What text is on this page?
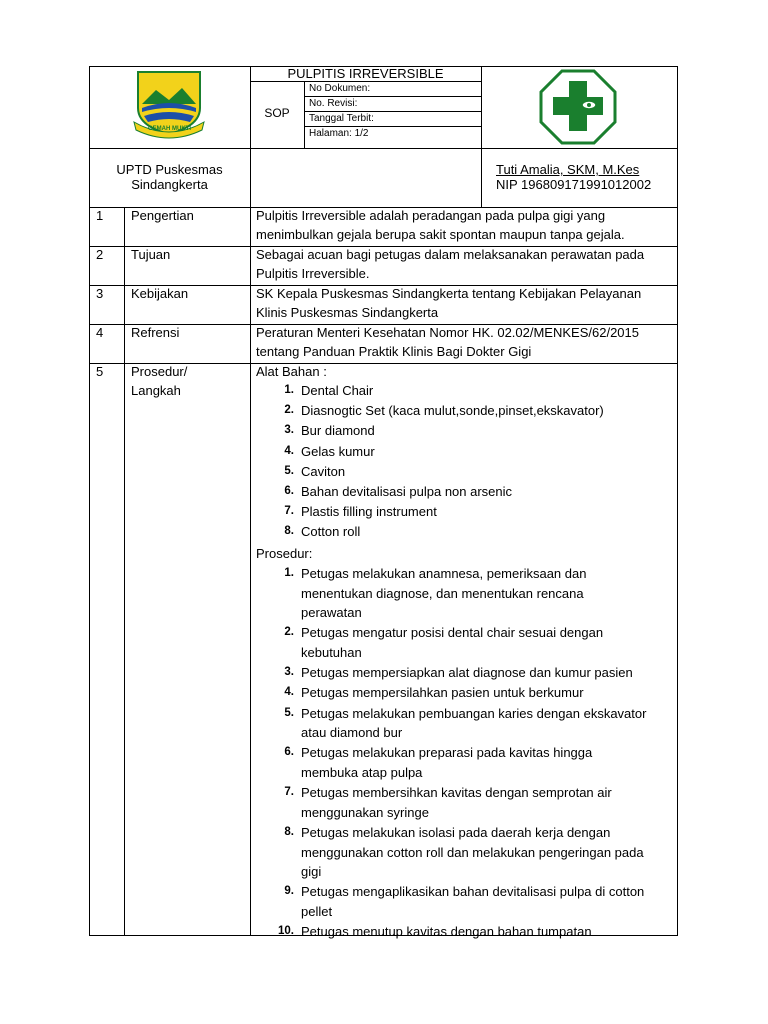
GEMAH MUKTI
PULPITIS IRREVERSIBLE
SOP
No Dokumen:
No. Revisi:
Tanggal Terbit:
Halaman: 1/2
UPTD Puskesmas
Sindangkerta
Tuti Amalia, SKM, M.Kes
NIP 196809171991012002
1 Pengertian	Pulpitis Irreversible adalah peradangan pada pulpa gigi yang
menimbulkan gejala berupa sakit spontan maupun tanpa gejala.
2 Tujuan	Sebagai acuan bagi petugas dalam melaksanakan perawatan pada
Pulpitis Irreversible.
3 Kebijakan	SK Kepala Puskesmas Sindangkerta tentang Kebijakan Pelayanan
Klinis Puskesmas Sindangkerta
4 Refrensi	Peraturan Menteri Kesehatan Nomor HK. 02.02/MENKES/62/2015
tentang Panduan Praktik Klinis Bagi Dokter Gigi
5 Prosedur/
Langkah
Alat Bahan :
1. Dental Chair
2. Diasnogtic Set (kaca mulut,sonde,pinset,ekskavator)
3. Bur diamond
4. Gelas kumur
5. Caviton
6. Bahan devitalisasi pulpa non arsenic
7. Plastis filling instrument
8. Cotton roll
Prosedur:
1. Petugas melakukan anamnesa, pemeriksaan dan
menentukan diagnose, dan menentukan rencana
perawatan
2. Petugas mengatur posisi dental chair sesuai dengan
kebutuhan
3. Petugas mempersiapkan alat diagnose dan kumur pasien
4. Petugas mempersilahkan pasien untuk berkumur
5. Petugas melakukan pembuangan karies dengan ekskavator
atau diamond bur
6. Petugas melakukan preparasi pada kavitas hingga
membuka atap pulpa
7. Petugas membersihkan kavitas dengan semprotan air
menggunakan syringe
8. Petugas melakukan isolasi pada daerah kerja dengan
menggunakan cotton roll dan melakukan pengeringan pada
gigi
9. Petugas mengaplikasikan bahan devitalisasi pulpa di cotton
pellet
10. Petugas menutup kavitas dengan bahan tumpatan
